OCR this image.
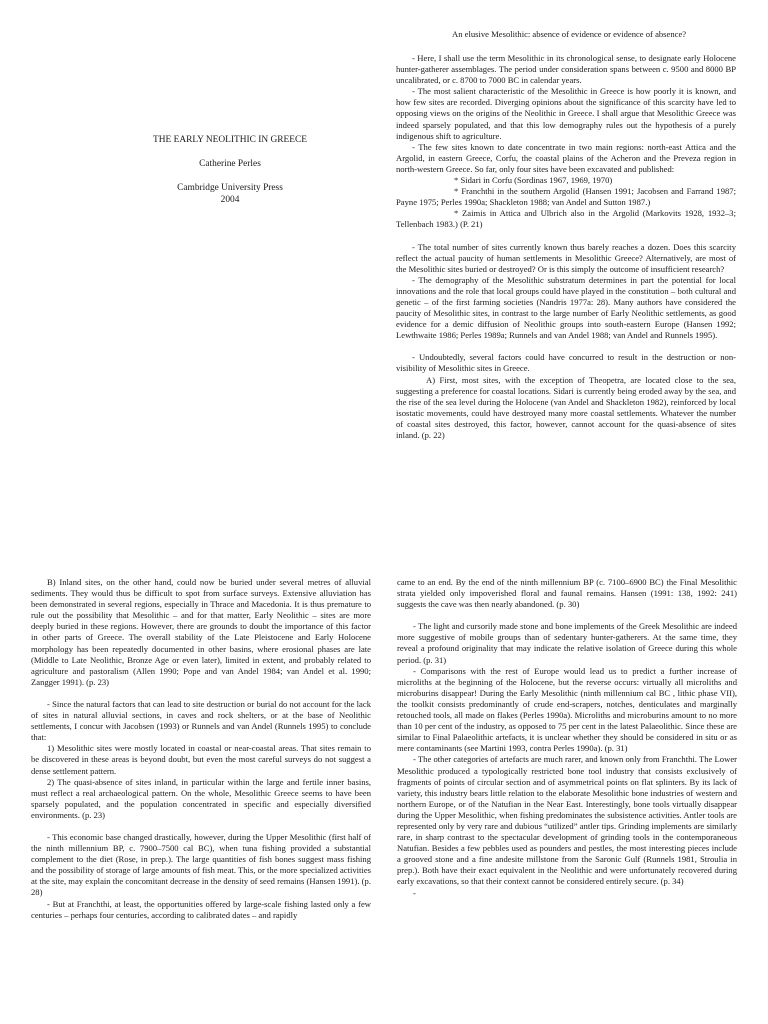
An elusive Mesolithic: absence of evidence or evidence of absence?

THE EARLY NEOLITHIC IN GREECE

Catherine Perles

Cambridge University Press

2004

- Here, I shall use the term Mesolithic in its chronological sense, to designate early Holocene hunter-gatherer assemblages. The period under consideration spans between c. 9500 and 8000 BP uncalibrated, or c. 8700 to 7000 BC in calendar years.

- The most salient characteristic of the Mesolithic in Greece is how poorly it is known, and how few sites are recorded. Diverging opinions about the significance of this scarcity have led to opposing views on the origins of the Neolithic in Greece. I shall argue that Mesolithic Greece was indeed sparsely populated, and that this low demography rules out the hypothesis of a purely indigenous shift to agriculture.

- The few sites known to date concentrate in two main regions: north-east Attica and the Argolid, in eastern Greece, Corfu, the coastal plains of the Acheron and the Preveza region in north-western Greece. So far, only four sites have been excavated and published:

* Sidari in Corfu (Sordinas 1967, 1969, 1970)

* Franchthi in the southern Argolid (Hansen 1991; Jacobsen and Farrand 1987; Payne 1975; Perles 1990a; Shackleton 1988; van Andel and Sutton 1987.)

* Zaimis in Attica and Ulbrich also in the Argolid (Markovits 1928, 1932–3; Tellenbach 1983.) (P. 21)

- The total number of sites currently known thus barely reaches a dozen. Does this scarcity reflect the actual paucity of human settlements in Mesolithic Greece? Alternatively, are most of the Mesolithic sites buried or destroyed? Or is this simply the outcome of insufficient research?

- The demography of the Mesolithic substratum determines in part the potential for local innovations and the role that local groups could have played in the constitution – both cultural and genetic – of the first farming societies (Nandris 1977a: 28). Many authors have considered the paucity of Mesolithic sites, in contrast to the large number of Early Neolithic settlements, as good evidence for a demic diffusion of Neolithic groups into south-eastern Europe (Hansen 1992; Lewthwaite 1986; Perles 1989a; Runnels and van Andel 1988; van Andel and Runnels 1995).

- Undoubtedly, several factors could have concurred to result in the destruction or non-visibility of Mesolithic sites in Greece.

A) First, most sites, with the exception of Theopetra, are located close to the sea, suggesting a preference for coastal locations. Sidari is currently being eroded away by the sea, and the rise of the sea level during the Holocene (van Andel and Shackleton 1982), reinforced by local isostatic movements, could have destroyed many more coastal settlements. Whatever the number of coastal sites destroyed, this factor, however, cannot account for the quasi-absence of sites inland. (p. 22)

B) Inland sites, on the other hand, could now be buried under several metres of alluvial sediments. They would thus be difficult to spot from surface surveys. Extensive alluviation has been demonstrated in several regions, especially in Thrace and Macedonia. It is thus premature to rule out the possibility that Mesolithic – and for that matter, Early Neolithic – sites are more deeply buried in these regions. However, there are grounds to doubt the importance of this factor in other parts of Greece. The overall stability of the Late Pleistocene and Early Holocene morphology has been repeatedly documented in other basins, where erosional phases are late (Middle to Late Neolithic, Bronze Age or even later), limited in extent, and probably related to agriculture and pastoralism (Allen 1990; Pope and van Andel 1984; van Andel et al. 1990; Zangger 1991). (p. 23)

- Since the natural factors that can lead to site destruction or burial do not account for the lack of sites in natural alluvial sections, in caves and rock shelters, or at the base of Neolithic settlements, I concur with Jacobsen (1993) or Runnels and van Andel (Runnels 1995) to conclude that:

1) Mesolithic sites were mostly located in coastal or near-coastal areas. That sites remain to be discovered in these areas is beyond doubt, but even the most careful surveys do not suggest a dense settlement pattern.

2) The quasi-absence of sites inland, in particular within the large and fertile inner basins, must reflect a real archaeological pattern. On the whole, Mesolithic Greece seems to have been sparsely populated, and the population concentrated in specific and especially diversified environments. (p. 23)

- This economic base changed drastically, however, during the Upper Mesolithic (first half of the ninth millennium BP, c. 7900–7500 cal BC), when tuna fishing provided a substantial complement to the diet (Rose, in prep.). The large quantities of fish bones suggest mass fishing and the possibility of storage of large amounts of fish meat. This, or the more specialized activities at the site, may explain the concomitant decrease in the density of seed remains (Hansen 1991). (p. 28)

- But at Franchthi, at least, the opportunities offered by large-scale fishing lasted only a few centuries – perhaps four centuries, according to calibrated dates – and rapidly

came to an end. By the end of the ninth millennium BP (c. 7100–6900 BC) the Final Mesolithic strata yielded only impoverished floral and faunal remains. Hansen (1991: 138, 1992: 241) suggests the cave was then nearly abandoned. (p. 30)

- The light and cursorily made stone and bone implements of the Greek Mesolithic are indeed more suggestive of mobile groups than of sedentary hunter-gatherers. At the same time, they reveal a profound originality that may indicate the relative isolation of Greece during this whole period. (p. 31)

- Comparisons with the rest of Europe would lead us to predict a further increase of microliths at the beginning of the Holocene, but the reverse occurs: virtually all microliths and microburins disappear! During the Early Mesolithic (ninth millennium cal BC , lithic phase VII), the toolkit consists predominantly of crude end-scrapers, notches, denticulates and marginally retouched tools, all made on flakes (Perles 1990a). Microliths and microburins amount to no more than 10 per cent of the industry, as opposed to 75 per cent in the latest Palaeolithic. Since these are similar to Final Palaeolithic artefacts, it is unclear whether they should be considered in situ or as mere contaminants (see Martini 1993, contra Perles 1990a). (p. 31)

- The other categories of artefacts are much rarer, and known only from Franchthi. The Lower Mesolithic produced a typologically restricted bone tool industry that consists exclusively of fragments of points of circular section and of asymmetrical points on flat splinters. By its lack of variety, this industry bears little relation to the elaborate Mesolithic bone industries of western and northern Europe, or of the Natufian in the Near East. Interestingly, bone tools virtually disappear during the Upper Mesolithic, when fishing predominates the subsistence activities. Antler tools are represented only by very rare and dubious “utilized” antler tips. Grinding implements are similarly rare, in sharp contrast to the spectacular development of grinding tools in the contemporaneous Natufian. Besides a few pebbles used as pounders and pestles, the most interesting pieces include a grooved stone and a fine andesite millstone from the Saronic Gulf (Runnels 1981, Stroulia in prep.). Both have their exact equivalent in the Neolithic and were unfortunately recovered during early excavations, so that their context cannot be considered entirely secure. (p. 34)

-
